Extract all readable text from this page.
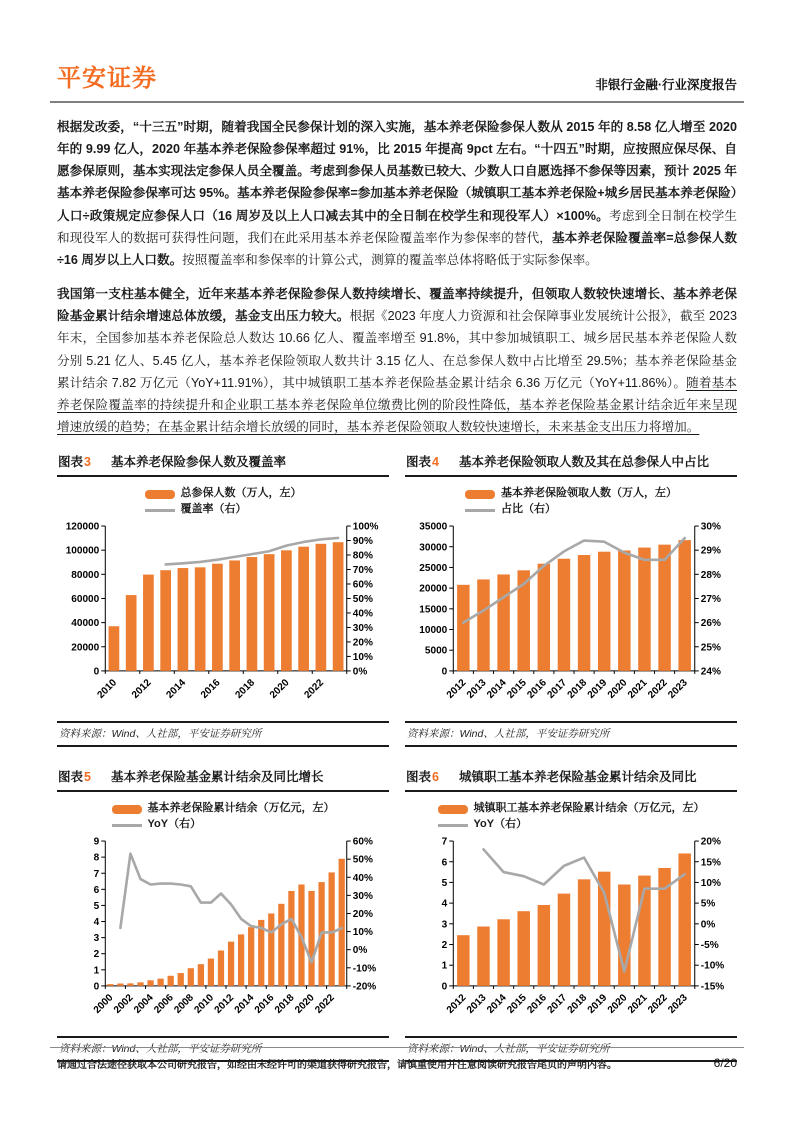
平安证券	非银行金融·行业深度报告

根据发改委，“十三五”时期，随着我国全民参保计划的深入实施，基本养老保险参保人数从 2015 年的 8.58 亿人增至 2020 年的 9.99 亿人，2020 年基本养老保险参保率超过 91%，比 2015 年提高 9pct 左右。“十四五”时期，应按照应保尽保、自愿参保原则，基本实现法定参保人员全覆盖。考虑到参保人员基数已较大、少数人口自愿选择不参保等因素，预计 2025 年基本养老保险参保率可达 95%。基本养老保险参保率=参加基本养老保险（城镇职工基本养老保险+城乡居民基本养老保险）人口÷政策规定应参保人口（16 周岁及以上人口减去其中的全日制在校学生和现役军人）×100%。考虑到全日制在校学生和现役军人的数据可获得性问题，我们在此采用基本养老保险覆盖率作为参保率的替代，基本养老保险覆盖率=总参保人数÷16 周岁以上人口数。按照覆盖率和参保率的计算公式，测算的覆盖率总体将略低于实际参保率。

我国第一支柱基本健全，近年来基本养老保险参保人数持续增长、覆盖率持续提升，但领取人数较快速增长、基本养老保险基金累计结余增速总体放缓，基金支出压力较大。根据《2023 年度人力资源和社会保障事业发展统计公报》，截至 2023 年末，全国参加基本养老保险总人数达 10.66 亿人、覆盖率增至 91.8%，其中参加城镇职工、城乡居民基本养老保险人数分别 5.21 亿人、5.45 亿人，基本养老保险领取人数共计 3.15 亿人、在总参保人数中占比增至 29.5%；基本养老保险基金累计结余 7.82 万亿元（YoY+11.91%），其中城镇职工基本养老保险基金累计结余 6.36 万亿元（YoY+11.86%）。随着基本养老保险覆盖率的持续提升和企业职工基本养老保险单位缴费比例的阶段性降低，基本养老保险基金累计结余近年来呈现增速放缓的趋势；在基金累计结余增长放缓的同时，基本养老保险领取人数较快速增长，未来基金支出压力将增加。

图表3 基本养老保险参保人数及覆盖率
总参保人数（万人，左）
覆盖率（右）
0
20000
40000
60000
80000
100000
120000
0%
10%
20%
30%
40%
50%
60%
70%
80%
90%
100%
2010 2012 2014 2016 2018 2020 2022
资料来源：Wind、人社部，平安证券研究所
图表4 基本养老保险领取人数及其在总参保人中占比
基本养老保险领取人数（万人，左）
占比（右）
0
5000
10000
15000
20000
25000
30000
35000
24%
25%
26%
27%
28%
29%
30%
2012
2013
2014
2015
2016
2017
2018
2019
2020
2021
2022
2023
资料来源：Wind、人社部，平安证券研究所
图表5 基本养老保险基金累计结余及同比增长
基本养老保险累计结余（万亿元，左）
YoY（右）
0
1
2
3
4
5
6
7
8
9
-20%
-10%
0%
10%
20%
30%
40%
50%
60%
2000
2002
2004
2006
2008
2010
2012
2014
2016
2018
2020
2022
资料来源：Wind、人社部，平安证券研究所
图表6 城镇职工基本养老保险基金累计结余及同比
城镇职工基本养老保险累计结余（万亿元，左）
YoY（右）
0
1
2
3
4
5
6
7
-15%
-10%
-5%
0%
5%
10%
15%
20%
2012
2013
2014
2015
2016
2017
2018
2019
2020
2021
2022
2023
资料来源：Wind、人社部，平安证券研究所
请通过合法途径获取本公司研究报告，如经由未经许可的渠道获得研究报告，请慎重使用并注意阅读研究报告尾页的声明内容。	6/20
